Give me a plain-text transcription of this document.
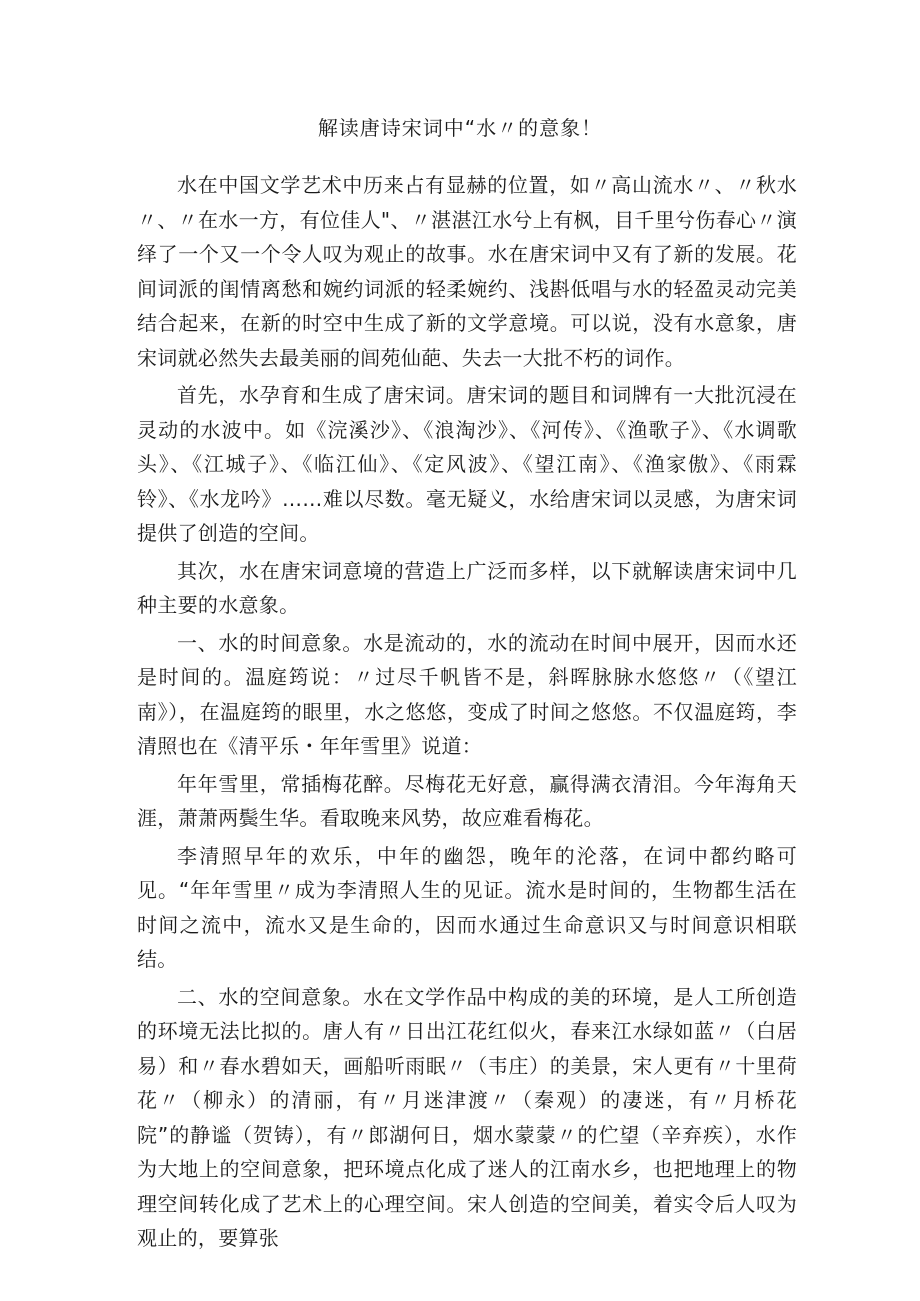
解读唐诗宋词中“水〃的意象！

水在中国文学艺术中历来占有显赫的位置，如〃高山流水〃、〃秋水〃、〃在水一方，有位佳人"、〃湛湛江水兮上有枫，目千里兮伤春心〃演绎了一个又一个令人叹为观止的故事。水在唐宋词中又有了新的发展。花间词派的闺情离愁和婉约词派的轻柔婉约、浅斟低唱与水的轻盈灵动完美结合起来，在新的时空中生成了新的文学意境。可以说，没有水意象，唐宋词就必然失去最美丽的闾苑仙葩、失去一大批不朽的词作。

首先，水孕育和生成了唐宋词。唐宋词的题目和词牌有一大批沉浸在灵动的水波中。如《浣溪沙》、《浪淘沙》、《河传》、《渔歌子》、《水调歌头》、《江城子》、《临江仙》、《定风波》、《望江南》、《渔家傲》、《雨霖铃》、《水龙吟》……难以尽数。毫无疑义，水给唐宋词以灵感，为唐宋词提供了创造的空间。

其次，水在唐宋词意境的营造上广泛而多样，以下就解读唐宋词中几种主要的水意象。

一、水的时间意象。水是流动的，水的流动在时间中展开，因而水还是时间的。温庭筠说：〃过尽千帆皆不是，斜晖脉脉水悠悠〃（《望江南》），在温庭筠的眼里，水之悠悠，变成了时间之悠悠。不仅温庭筠，李清照也在《清平乐・年年雪里》说道：

年年雪里，常插梅花醉。尽梅花无好意，赢得满衣清泪。今年海角天涯，萧萧两鬓生华。看取晚来风势，故应难看梅花。

李清照早年的欢乐，中年的幽怨，晚年的沦落，在词中都约略可见。“年年雪里〃成为李清照人生的见证。流水是时间的，生物都生活在时间之流中，流水又是生命的，因而水通过生命意识又与时间意识相联结。

二、水的空间意象。水在文学作品中构成的美的环境，是人工所创造的环境无法比拟的。唐人有〃日出江花红似火，春来江水绿如蓝〃（白居易）和〃春水碧如天，画船听雨眠〃（韦庄）的美景，宋人更有〃十里荷花〃（柳永）的清丽，有〃月迷津渡〃（秦观）的凄迷，有〃月桥花院”的静谧（贺铸），有〃郎湖何日，烟水蒙蒙〃的伫望（辛弃疾），水作为大地上的空间意象，把环境点化成了迷人的江南水乡，也把地理上的物理空间转化成了艺术上的心理空间。宋人创造的空间美，着实令后人叹为观止的，要算张
